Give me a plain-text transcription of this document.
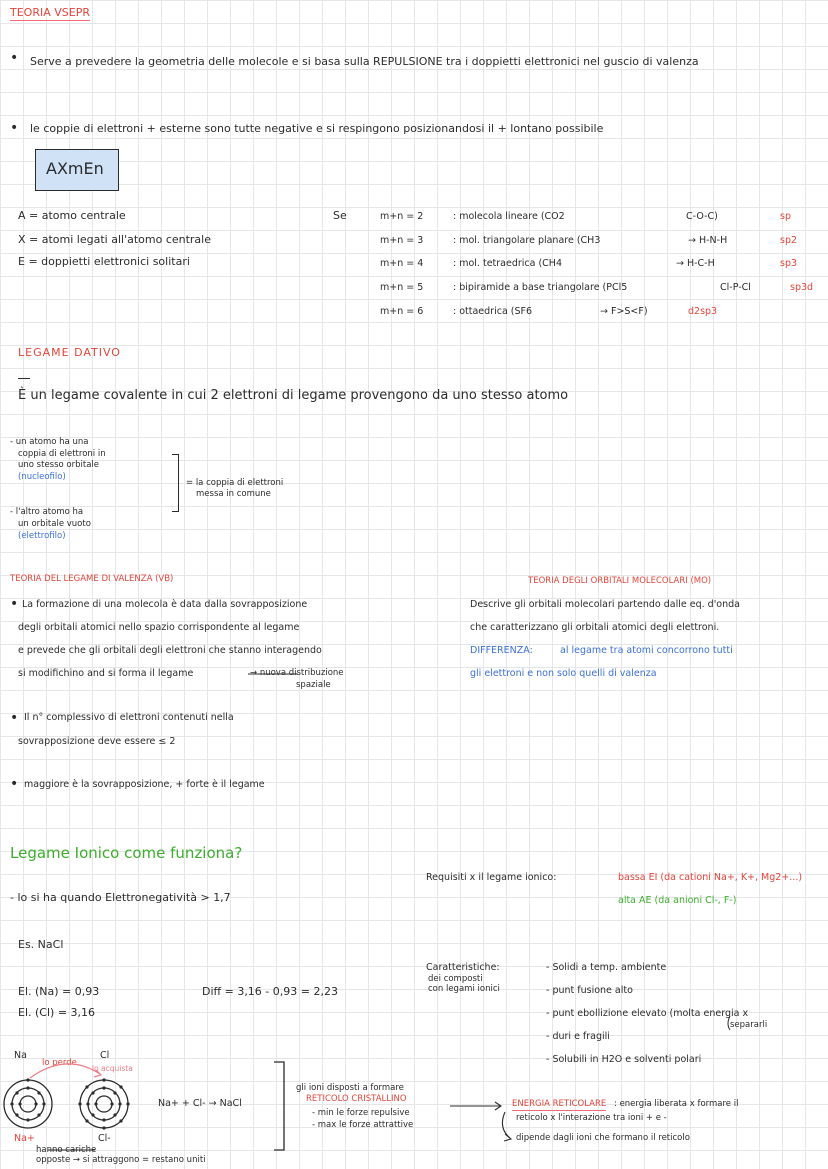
TEORIA VSEPR
• Serve a prevedere la geometria delle molecole e si basa sulla REPULSIONE tra i doppietti elettronici nel guscio di valenza
• le coppie di elettroni + esterne sono tutte negative e si respingono posizionandosi il + lontano possibile
AXmEn
A = atomo centrale
X = atomi legati all'atomo centrale
E = doppietti elettronici solitari
Se	m+n = 2	: molecola lineare (CO2	C-O-C)	sp
m+n = 3	: mol. triangolare planare (CH3	→ H-N-H	sp2
m+n = 4	: mol. tetraedrica (CH4	→ H-C-H	sp3
m+n = 5	: bipiramide a base triangolare (PCl5	Cl-P-Cl	sp3d
m+n = 6	: ottaedrica (SF6	→ F>S<F)	d2sp3
LEGAME DATIVO
È un legame covalente in cui 2 elettroni di legame provengono da uno stesso atomo
- un atomo ha una
coppia di elettroni in
uno stesso orbitale
(nucleofilo)
- l'altro atomo ha
un orbitale vuoto
(elettrofilo)
= la coppia di elettroni
messa in comune
TEORIA DEL LEGAME DI VALENZA (VB)
• La formazione di una molecola è data dalla sovrapposizione
degli orbitali atomici nello spazio corrispondente al legame
e prevede che gli orbitali degli elettroni che stanno interagendo
si modifichino and si forma il legame	→ nuova distribuzione
spaziale
• Il n° complessivo di elettroni contenuti nella
sovrapposizione deve essere ≤ 2
• maggiore è la sovrapposizione, + forte è il legame
TEORIA DEGLI ORBITALI MOLECOLARI (MO)
Descrive gli orbitali molecolari partendo dalle eq. d'onda
che caratterizzano gli orbitali atomici degli elettroni.
DIFFERENZA:	al legame tra atomi concorrono tutti
gli elettroni e non solo quelli di valenza
Legame Ionico come funziona?
- lo si ha quando Elettronegatività > 1,7
Es. NaCl
El. (Na) = 0,93
El. (Cl) = 3,16
Diff = 3,16 - 0,93 = 2,23
Requisiti x il legame ionico:	bassa EI (da cationi Na+, K+, Mg2+...)
alta AE (da anioni Cl-, F-)
Caratteristiche:
dei composti
con legami ionici
- Solidi a temp. ambiente
- punt fusione alto
- punt ebollizione elevato (molta energia x
separarli
- duri e fragili
- Solubili in H2O e solventi polari
Na	Cl
lo perde
lo acquista
Na+ + Cl- → NaCl
Na+	Cl-
hanno cariche
opposte → si attraggono = restano uniti
gli ioni disposti a formare
RETICOLO CRISTALLINO
- min le forze repulsive
- max le forze attrattive
ENERGIA RETICOLARE : energia liberata x formare il
reticolo x l'interazione tra ioni + e -
dipende dagli ioni che formano il reticolo
